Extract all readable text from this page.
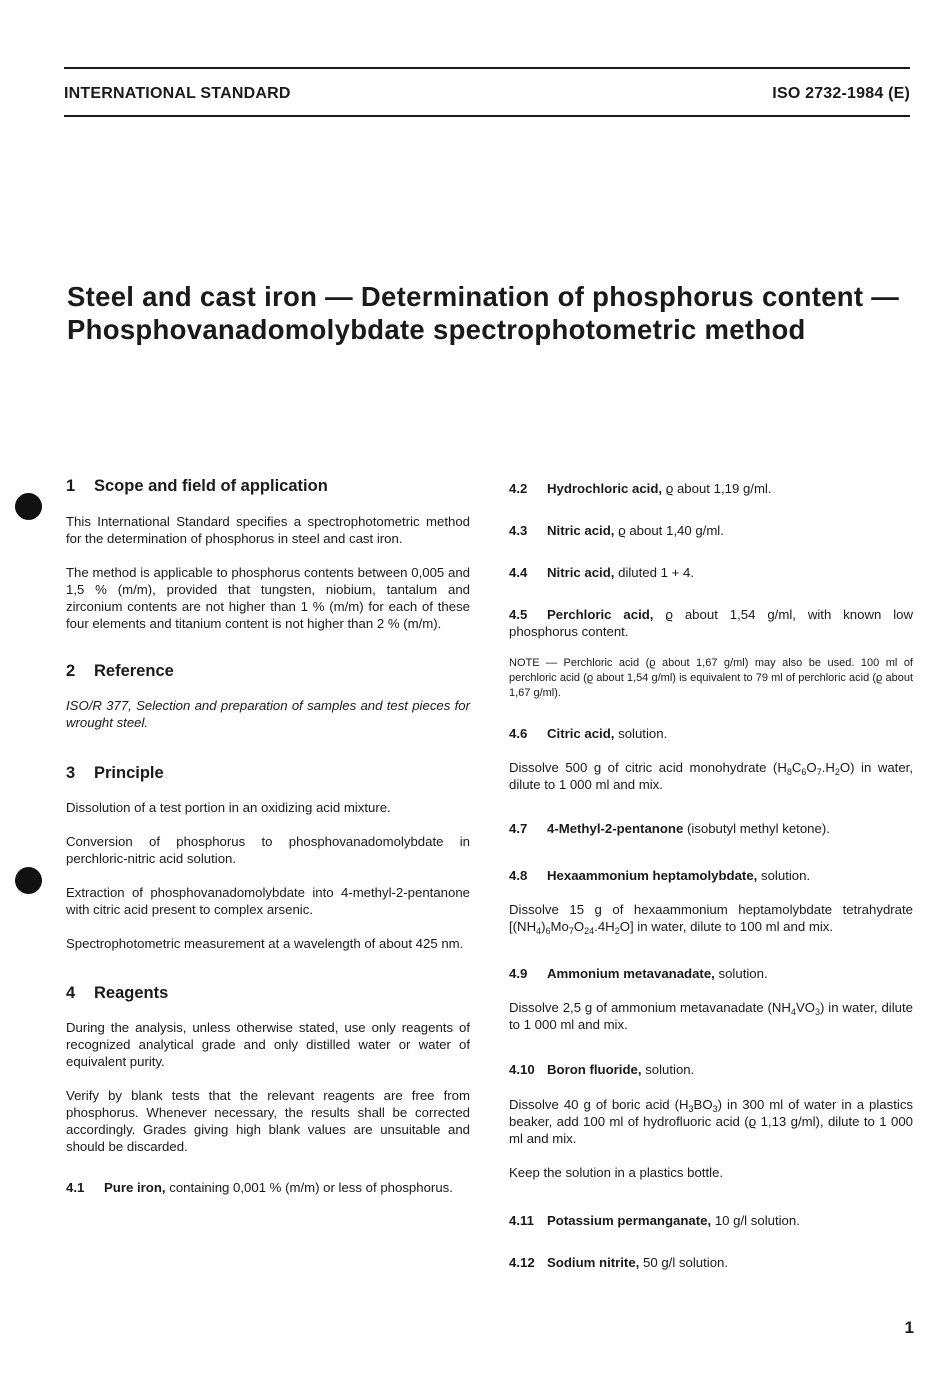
INTERNATIONAL STANDARD	ISO 2732-1984 (E)
Steel and cast iron — Determination of phosphorus content — Phosphovanadomolybdate spectrophotometric method
1 Scope and field of application

This International Standard specifies a spectrophotometric method for the determination of phosphorus in steel and cast iron.

The method is applicable to phosphorus contents between 0,005 and 1,5 % (m/m), provided that tungsten, niobium, tantalum and zirconium contents are not higher than 1 % (m/m) for each of these four elements and titanium content is not higher than 2 % (m/m).

2 Reference

ISO/R 377, Selection and preparation of samples and test pieces for wrought steel.

3 Principle

Dissolution of a test portion in an oxidizing acid mixture.

Conversion of phosphorus to phosphovanadomolybdate in perchloric-nitric acid solution.

Extraction of phosphovanadomolybdate into 4-methyl-2-pentanone with citric acid present to complex arsenic.

Spectrophotometric measurement at a wavelength of about 425 nm.

4 Reagents

During the analysis, unless otherwise stated, use only reagents of recognized analytical grade and only distilled water or water of equivalent purity.

Verify by blank tests that the relevant reagents are free from phosphorus. Whenever necessary, the results shall be corrected accordingly. Grades giving high blank values are unsuitable and should be discarded.

4.1 Pure iron, containing 0,001 % (m/m) or less of phosphorus.

4.2 Hydrochloric acid, ϱ about 1,19 g/ml.

4.3 Nitric acid, ϱ about 1,40 g/ml.

4.4 Nitric acid, diluted 1 + 4.

4.5 Perchloric acid, ϱ about 1,54 g/ml, with known low phosphorus content.

NOTE — Perchloric acid (ϱ about 1,67 g/ml) may also be used. 100 ml of perchloric acid (ϱ about 1,54 g/ml) is equivalent to 79 ml of perchloric acid (ϱ about 1,67 g/ml).

4.6 Citric acid, solution.

Dissolve 500 g of citric acid monohydrate $(H_8C_6O_7.H_2O)$ in water, dilute to 1 000 ml and mix.

4.7 4-Methyl-2-pentanone (isobutyl methyl ketone).

4.8 Hexaammonium heptamolybdate, solution.

Dissolve 15 g of hexaammonium heptamolybdate tetrahydrate $[(NH_4)_6Mo_7O_{24}.4H_2O]$ in water, dilute to 100 ml and mix.

4.9 Ammonium metavanadate, solution.

Dissolve 2,5 g of ammonium metavanadate $(NH_4VO_3)$ in water, dilute to 1 000 ml and mix.

4.10 Boron fluoride, solution.

Dissolve 40 g of boric acid $(H_3BO_3)$ in 300 ml of water in a plastics beaker, add 100 ml of hydrofluoric acid (ϱ 1,13 g/ml), dilute to 1 000 ml and mix.

Keep the solution in a plastics bottle.

4.11 Potassium permanganate, 10 g/l solution.

4.12 Sodium nitrite, 50 g/l solution.

1
